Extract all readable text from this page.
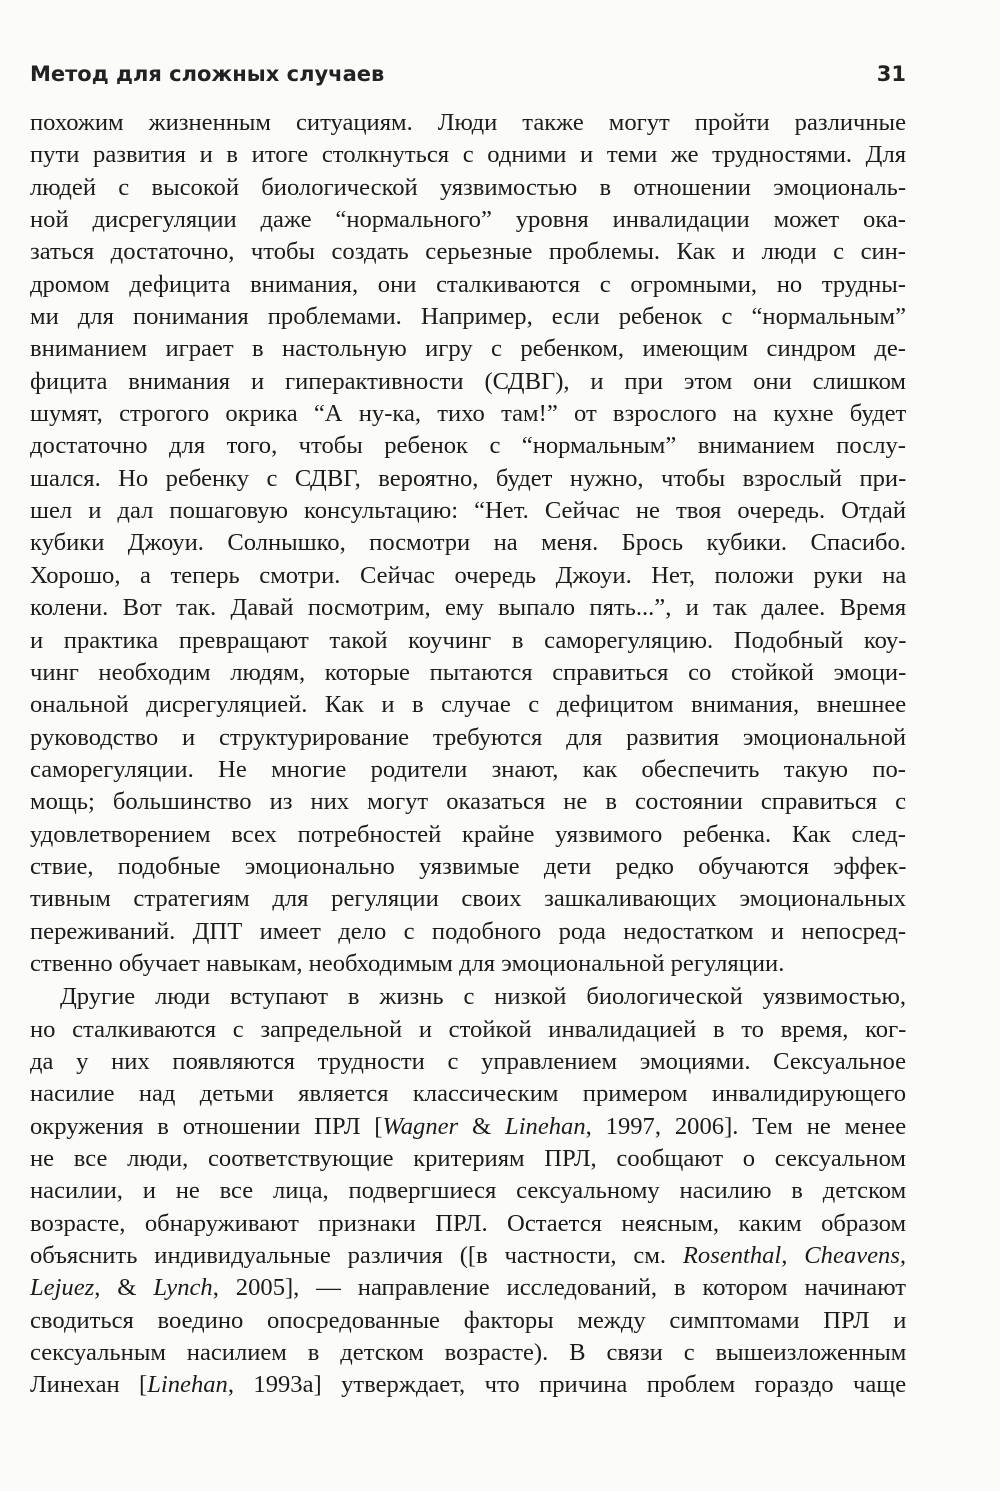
Метод для сложных случаев	31
похожим жизненным ситуациям. Люди также могут пройти различные
пути развития и в итоге столкнуться с одними и теми же трудностями. Для
людей с высокой биологической уязвимостью в отношении эмоциональ-
ной дисрегуляции даже “нормального” уровня инвалидации может ока-
заться достаточно, чтобы создать серьезные проблемы. Как и люди с син-
дромом дефицита внимания, они сталкиваются с огромными, но трудны-
ми для понимания проблемами. Например, если ребенок с “нормальным”
вниманием играет в настольную игру с ребенком, имеющим синдром де-
фицита внимания и гиперактивности (СДВГ), и при этом они слишком
шумят, строгого окрика “А ну-ка, тихо там!” от взрослого на кухне будет
достаточно для того, чтобы ребенок с “нормальным” вниманием послу-
шался. Но ребенку с СДВГ, вероятно, будет нужно, чтобы взрослый при-
шел и дал пошаговую консультацию: “Нет. Сейчас не твоя очередь. Отдай
кубики Джоуи. Солнышко, посмотри на меня. Брось кубики. Спасибо.
Хорошо, а теперь смотри. Сейчас очередь Джоуи. Нет, положи руки на
колени. Вот так. Давай посмотрим, ему выпало пять...”, и так далее. Время
и практика превращают такой коучинг в саморегуляцию. Подобный коу-
чинг необходим людям, которые пытаются справиться со стойкой эмоци-
ональной дисрегуляцией. Как и в случае с дефицитом внимания, внешнее
руководство и структурирование требуются для развития эмоциональной
саморегуляции. Не многие родители знают, как обеспечить такую по-
мощь; большинство из них могут оказаться не в состоянии справиться с
удовлетворением всех потребностей крайне уязвимого ребенка. Как след-
ствие, подобные эмоционально уязвимые дети редко обучаются эффек-
тивным стратегиям для регуляции своих зашкаливающих эмоциональных
переживаний. ДПТ имеет дело с подобного рода недостатком и непосред-
ственно обучает навыкам, необходимым для эмоциональной регуляции.
Другие люди вступают в жизнь с низкой биологической уязвимостью,
но сталкиваются с запредельной и стойкой инвалидацией в то время, ког-
да у них появляются трудности с управлением эмоциями. Сексуальное
насилие над детьми является классическим примером инвалидирующего
окружения в отношении ПРЛ [Wagner & Linehan, 1997, 2006]. Тем не менее
не все люди, соответствующие критериям ПРЛ, сообщают о сексуальном
насилии, и не все лица, подвергшиеся сексуальному насилию в детском
возрасте, обнаруживают признаки ПРЛ. Остается неясным, каким образом
объяснить индивидуальные различия ([в частности, см. Rosenthal, Cheavens,
Lejuez, & Lynch, 2005], — направление исследований, в котором начинают
сводиться воедино опосредованные факторы между симптомами ПРЛ и
сексуальным насилием в детском возрасте). В связи с вышеизложенным
Линехан [Linehan, 1993a] утверждает, что причина проблем гораздо чаще
